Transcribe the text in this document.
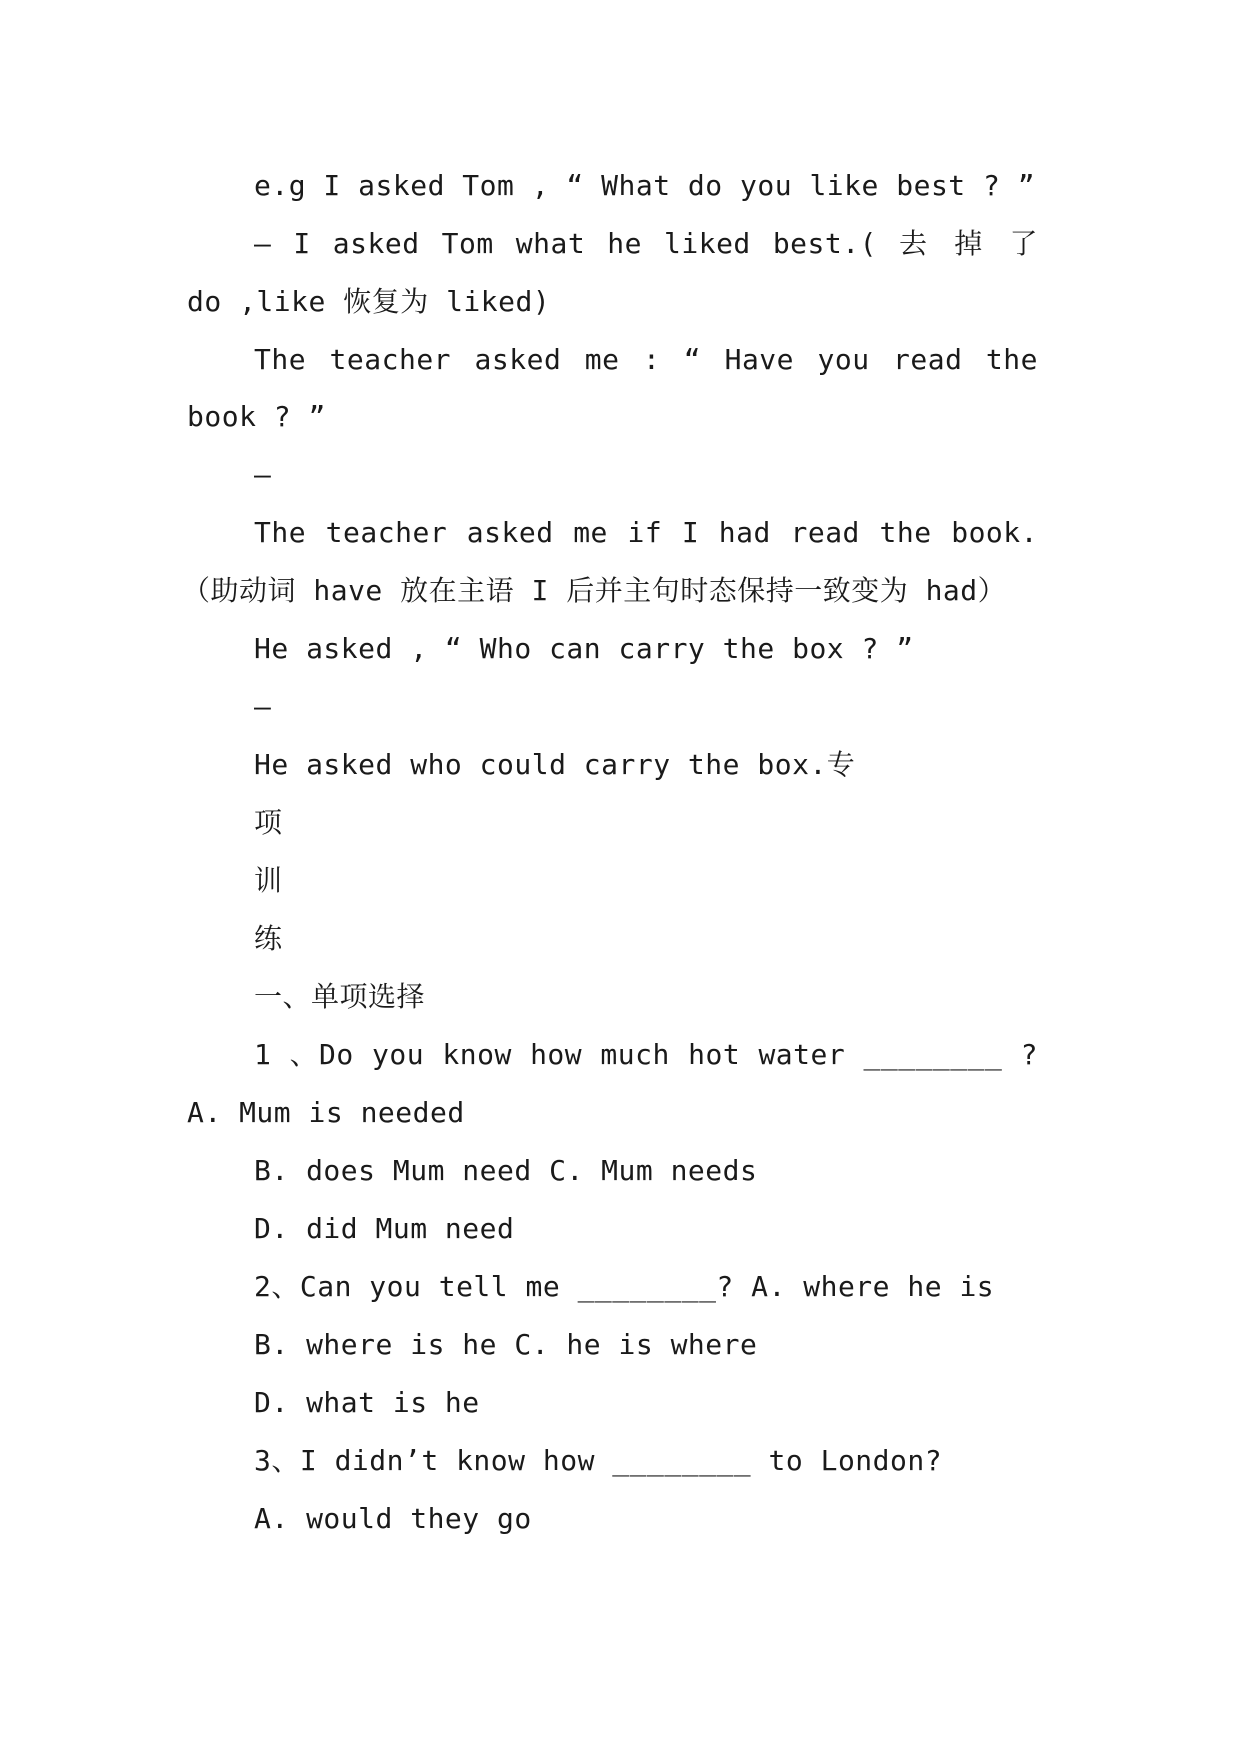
e.g I asked Tom , “ What do you like best ? ”
— I asked Tom what he liked best.( 去 掉 了
do ,like 恢复为 liked)
The teacher asked me : “ Have you read the
book ? ”
—
The teacher asked me if I had read the book.
（助动词 have 放在主语 I 后并主句时态保持一致变为 had）
He asked , “ Who can carry the box ? ”
—
He asked who could carry the box.专
项
训
练
一、单项选择
1 、Do you know how much hot water ________ ?
A. Mum is needed
B. does Mum need C. Mum needs
D. did Mum need
2、Can you tell me ________? A. where he is
B. where is he C. he is where
D. what is he
3、I didn’t know how ________ to London?
A. would they go
